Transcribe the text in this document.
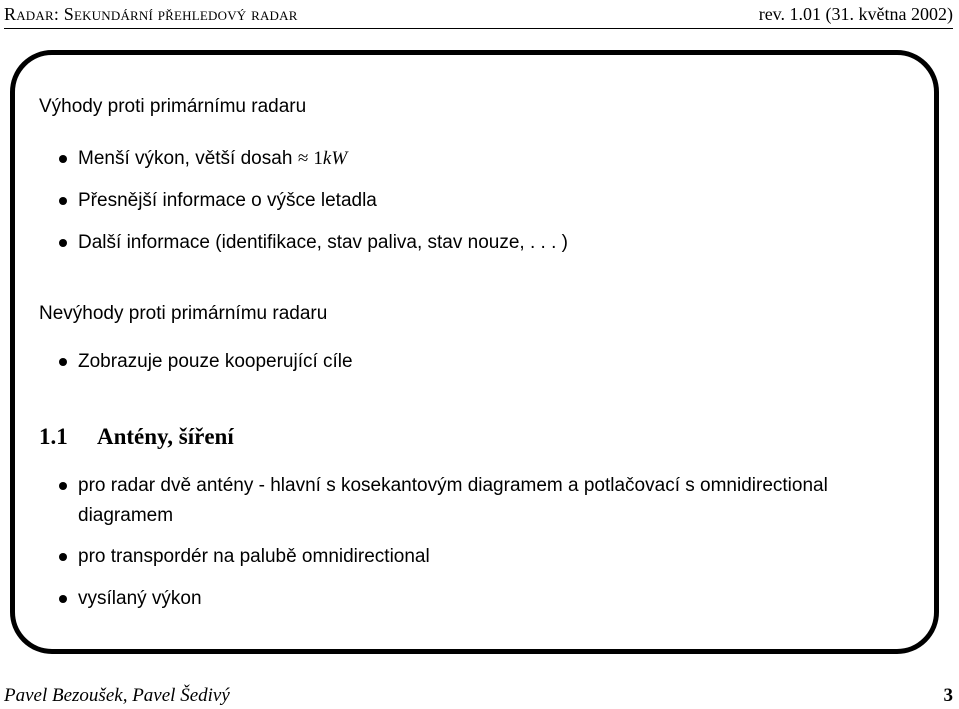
Radar: Sekundární přehledový radar	rev. 1.01 (31. května 2002)
Výhody proti primárnímu radaru
Menší výkon, větší dosah ≈ 1kW
Přesnější informace o výšce letadla
Další informace (identifikace, stav paliva, stav nouze, . . . )
Nevýhody proti primárnímu radaru
Zobrazuje pouze kooperující cíle
1.1 Antény, šíření
pro radar dvě antény - hlavní s kosekantovým diagramem a potlačovací s omnidirectional diagramem
pro transpordér na palubě omnidirectional
vysílaný výkon
Pavel Bezoušek, Pavel Šedivý	3
